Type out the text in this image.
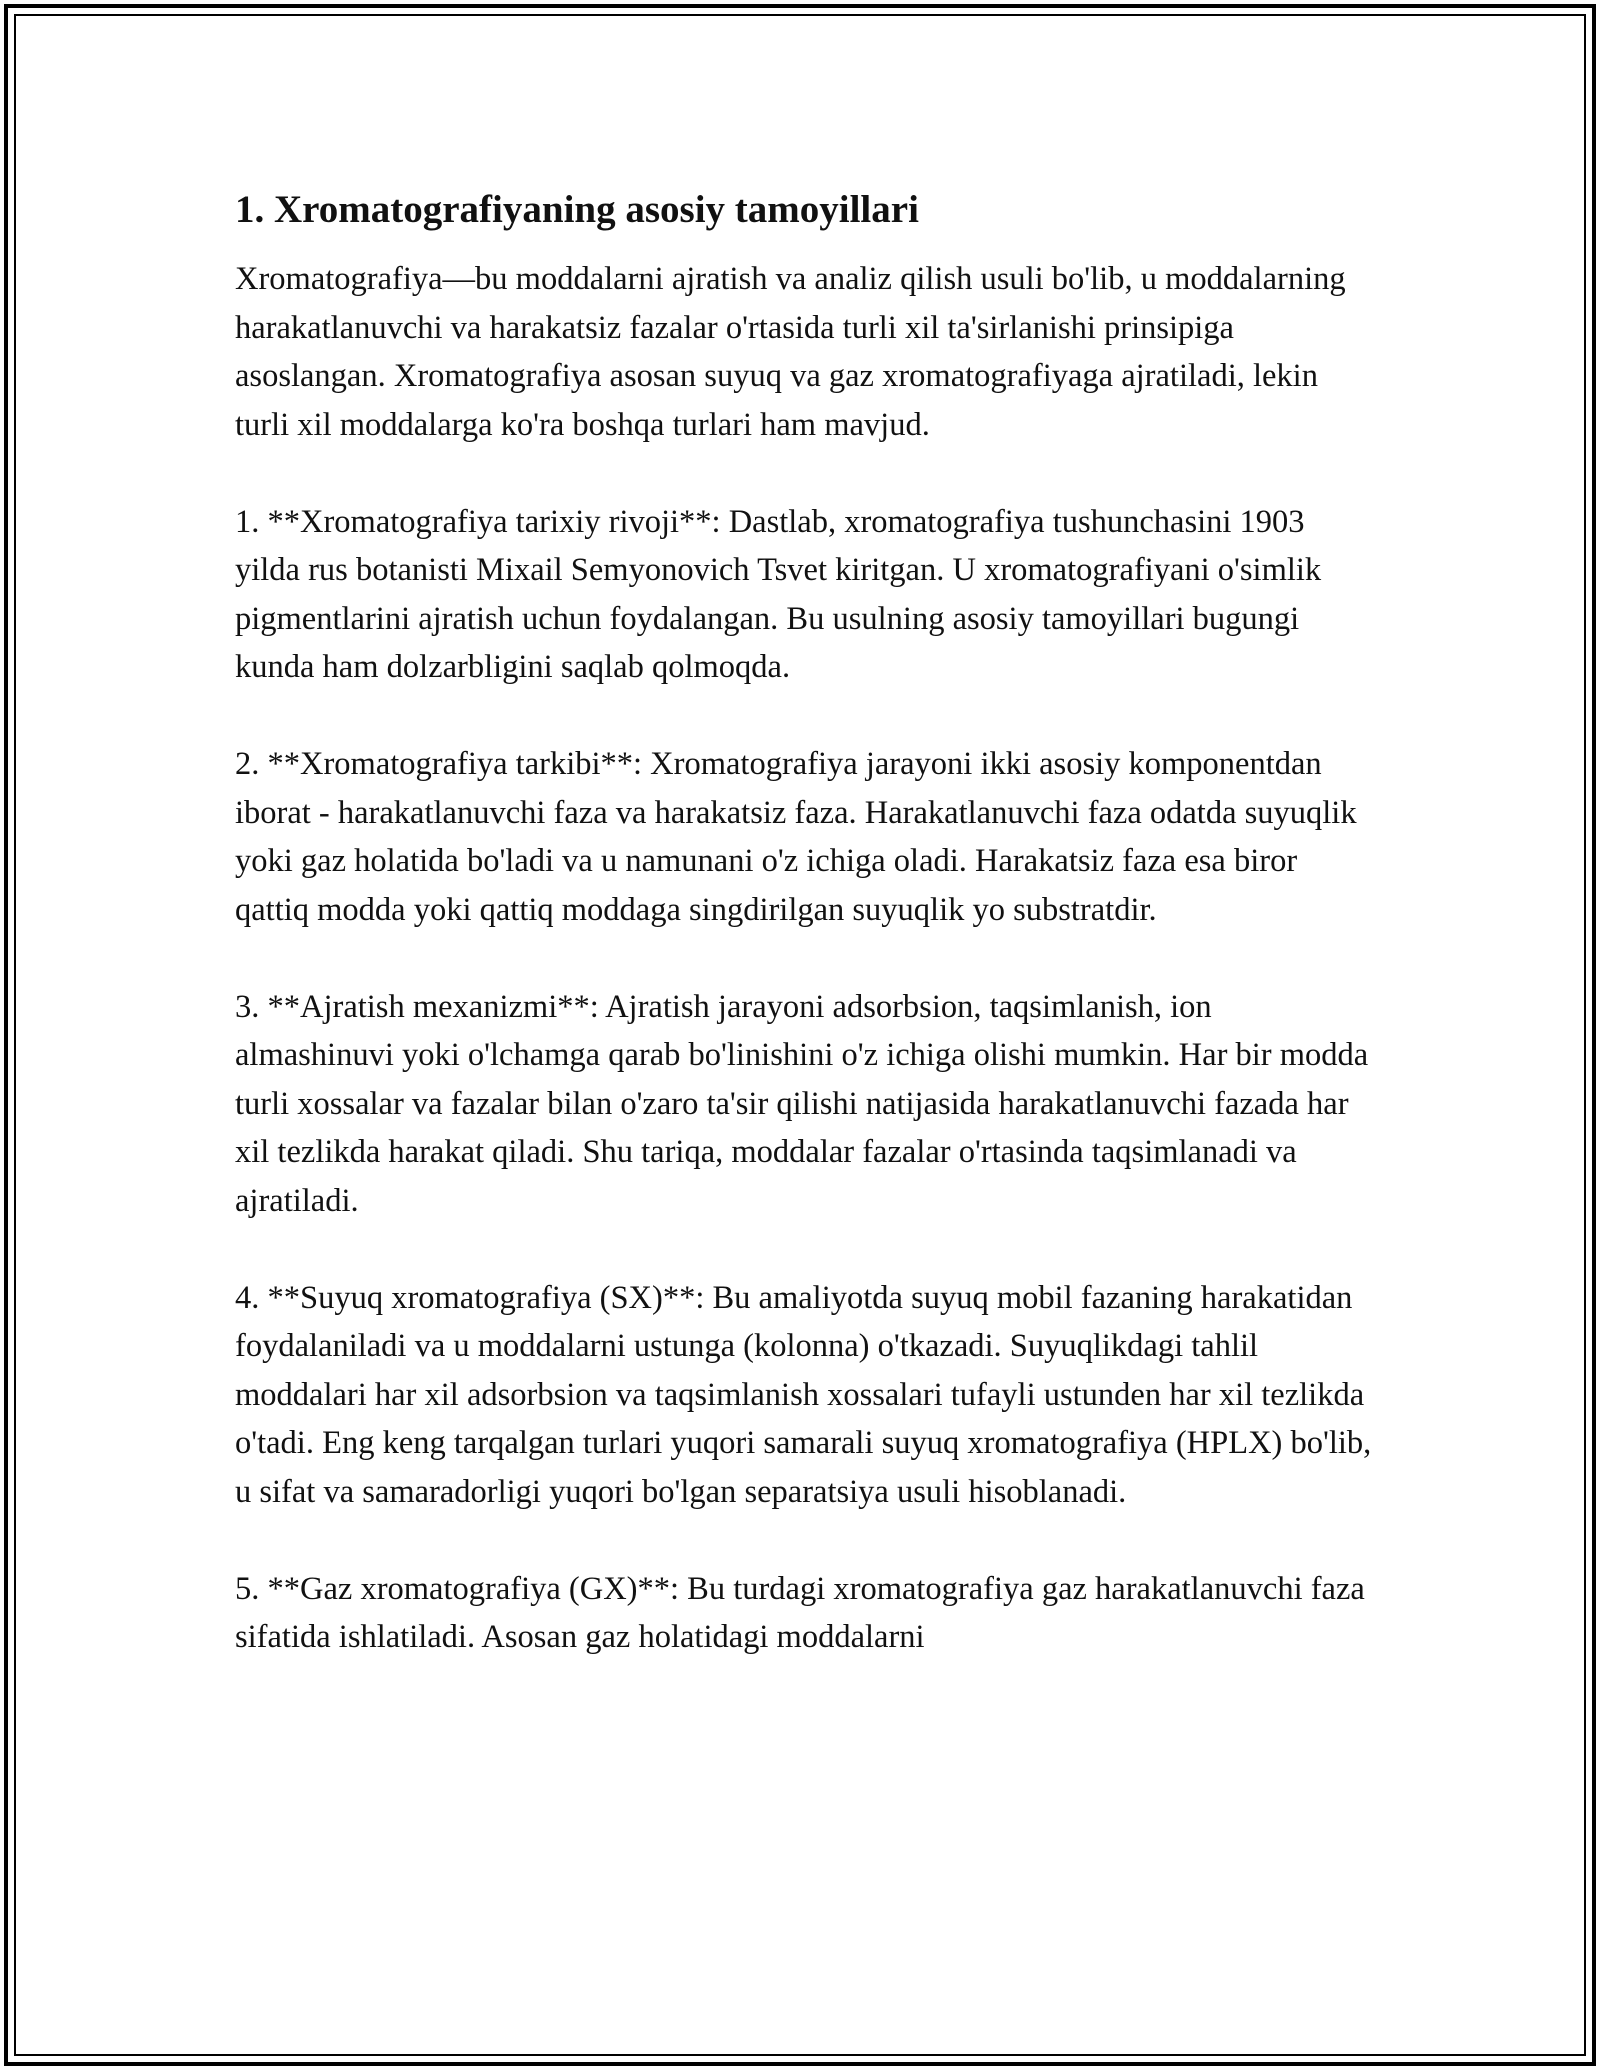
1. Xromatografiyaning asosiy tamoyillari

Xromatografiya—bu moddalarni ajratish va analiz qilish usuli bo'lib, u moddalarning harakatlanuvchi va harakatsiz fazalar o'rtasida turli xil ta'sirlanishi prinsipiga asoslangan. Xromatografiya asosan suyuq va gaz xromatografiyaga ajratiladi, lekin turli xil moddalarga ko'ra boshqa turlari ham mavjud.

1. **Xromatografiya tarixiy rivoji**: Dastlab, xromatografiya tushunchasini 1903 yilda rus botanisti Mixail Semyonovich Tsvet kiritgan. U xromatografiyani o'simlik pigmentlarini ajratish uchun foydalangan. Bu usulning asosiy tamoyillari bugungi kunda ham dolzarbligini saqlab qolmoqda.

2. **Xromatografiya tarkibi**: Xromatografiya jarayoni ikki asosiy komponentdan iborat - harakatlanuvchi faza va harakatsiz faza. Harakatlanuvchi faza odatda suyuqlik yoki gaz holatida bo'ladi va u namunani o'z ichiga oladi. Harakatsiz faza esa biror qattiq modda yoki qattiq moddaga singdirilgan suyuqlik yo substratdir.

3. **Ajratish mexanizmi**: Ajratish jarayoni adsorbsion, taqsimlanish, ion almashinuvi yoki o'lchamga qarab bo'linishini o'z ichiga olishi mumkin. Har bir modda turli xossalar va fazalar bilan o'zaro ta'sir qilishi natijasida harakatlanuvchi fazada har xil tezlikda harakat qiladi. Shu tariqa, moddalar fazalar o'rtasinda taqsimlanadi va ajratiladi.

4. **Suyuq xromatografiya (SX)**: Bu amaliyotda suyuq mobil fazaning harakatidan foydalaniladi va u moddalarni ustunga (kolonna) o'tkazadi. Suyuqlikdagi tahlil moddalari har xil adsorbsion va taqsimlanish xossalari tufayli ustunden har xil tezlikda o'tadi. Eng keng tarqalgan turlari yuqori samarali suyuq xromatografiya (HPLX) bo'lib, u sifat va samaradorligi yuqori bo'lgan separatsiya usuli hisoblanadi.

5. **Gaz xromatografiya (GX)**: Bu turdagi xromatografiya gaz harakatlanuvchi faza sifatida ishlatiladi. Asosan gaz holatidagi moddalarni
